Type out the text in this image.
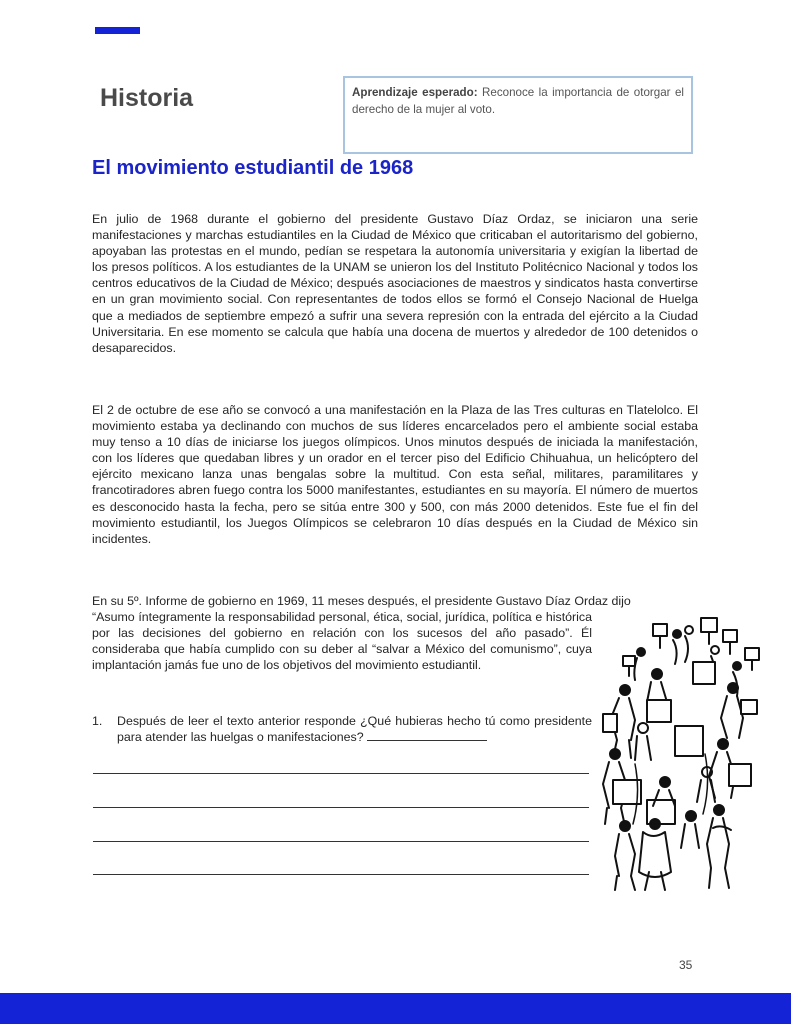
Historia	Aprendizaje esperado: Reconoce la importancia de otorgar el derecho de la mujer al voto.
El movimiento estudiantil de 1968

En julio de 1968 durante el gobierno del presidente Gustavo Díaz Ordaz, se iniciaron una serie manifestaciones y marchas estudiantiles en la Ciudad de México que criticaban el autoritarismo del gobierno, apoyaban las protestas en el mundo, pedían se respetara la autonomía universitaria y exigían la libertad de los presos políticos. A los estudiantes de la UNAM se unieron los del Instituto Politécnico Nacional y todos los centros educativos de la Ciudad de México; después asociaciones de maestros y sindicatos hasta convertirse en un gran movimiento social. Con representantes de todos ellos se formó el Consejo Nacional de Huelga que a mediados de septiembre empezó a sufrir una severa represión con la entrada del ejército a la Ciudad Universitaria. En ese momento se calcula que había una docena de muertos y alrededor de 100 detenidos o desaparecidos.

El 2 de octubre de ese año se convocó a una manifestación en la Plaza de las Tres culturas en Tlatelolco. El movimiento estaba ya declinando con muchos de sus líderes encarcelados pero el ambiente social estaba muy tenso a 10 días de iniciarse los juegos olímpicos. Unos minutos después de iniciada la manifestación, con los líderes que quedaban libres y un orador en el tercer piso del Edificio Chihuahua, un helicóptero del ejército mexicano lanza unas bengalas sobre la multitud. Con esta señal, militares, paramilitares y francotiradores abren fuego contra los 5000 manifestantes, estudiantes en su mayoría. El número de muertos es desconocido hasta la fecha, pero se sitúa entre 300 y 500, con más 2000 detenidos. Este fue el fin del movimiento estudiantil, los Juegos Olímpicos se celebraron 10 días después en la Ciudad de México sin incidentes.

En su 5º. Informe de gobierno en 1969, 11 meses después, el presidente Gustavo Díaz Ordaz dijo

“Asumo íntegramente la responsabilidad personal, ética, social, jurídica, política e histórica por las decisiones del gobierno en relación con los sucesos del año pasado”. Él consideraba que había cumplido con su deber al “salvar a México del comunismo”, cuya implantación jamás fue uno de los objetivos del movimiento estudiantil.

1. Después de leer el texto anterior responde ¿Qué hubieras hecho tú como presidente para atender las huelgas o manifestaciones?
35
